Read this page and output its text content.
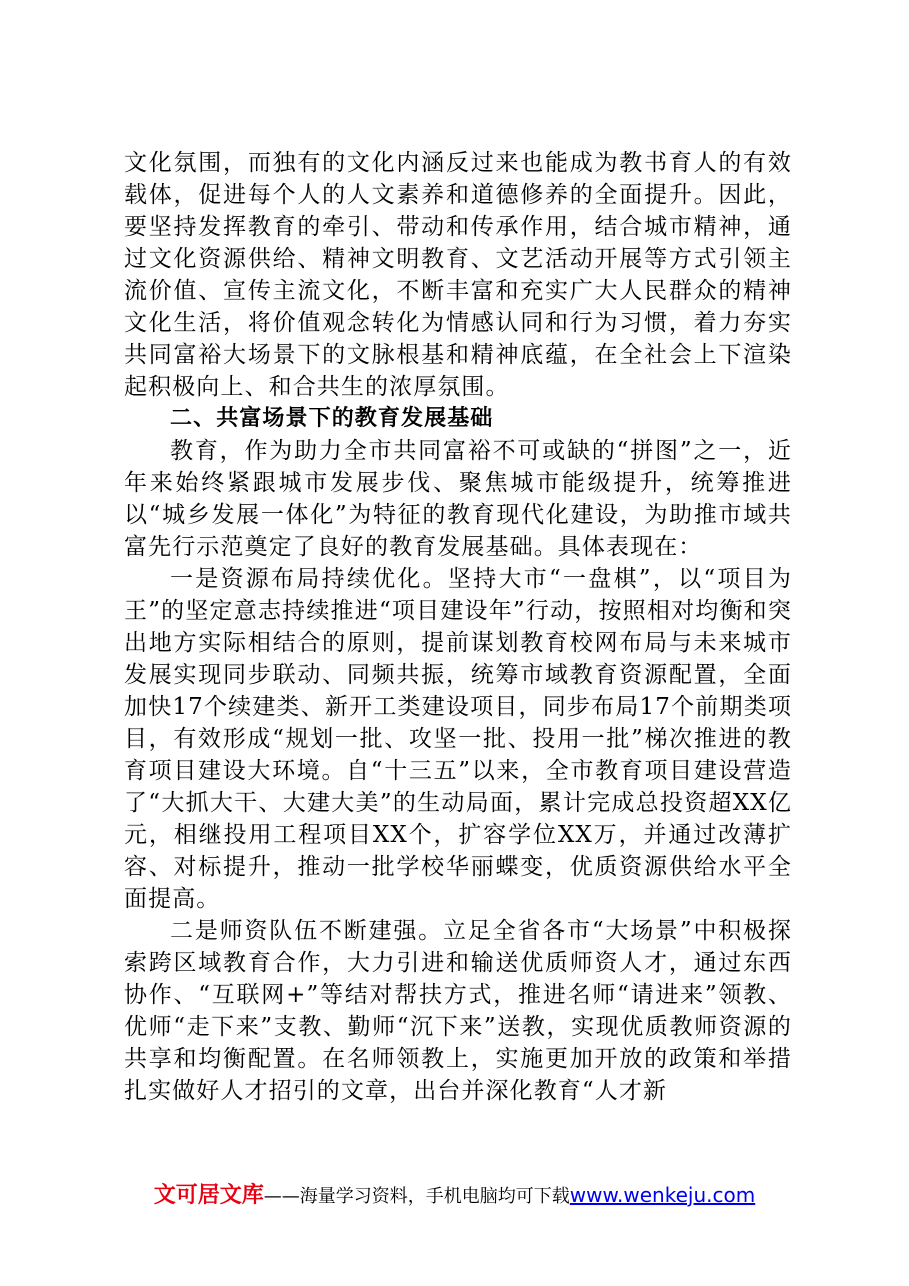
文化氛围，而独有的文化内涵反过来也能成为教书育人的有效载体，促进每个人的人文素养和道德修养的全面提升。因此，要坚持发挥教育的牵引、带动和传承作用，结合城市精神，通过文化资源供给、精神文明教育、文艺活动开展等方式引领主流价值、宣传主流文化，不断丰富和充实广大人民群众的精神文化生活，将价值观念转化为情感认同和行为习惯，着力夯实共同富裕大场景下的文脉根基和精神底蕴，在全社会上下渲染起积极向上、和合共生的浓厚氛围。

二、共富场景下的教育发展基础

教育，作为助力全市共同富裕不可或缺的“拼图”之一，近年来始终紧跟城市发展步伐、聚焦城市能级提升，统筹推进以“城乡发展一体化”为特征的教育现代化建设，为助推市域共富先行示范奠定了良好的教育发展基础。具体表现在：

一是资源布局持续优化。坚持大市“一盘棋”，以“项目为王”的坚定意志持续推进“项目建设年”行动，按照相对均衡和突出地方实际相结合的原则，提前谋划教育校网布局与未来城市发展实现同步联动、同频共振，统筹市域教育资源配置，全面加快17个续建类、新开工类建设项目，同步布局17个前期类项目，有效形成“规划一批、攻坚一批、投用一批”梯次推进的教育项目建设大环境。自“十三五”以来，全市教育项目建设营造了“大抓大干、大建大美”的生动局面，累计完成总投资超XX亿元，相继投用工程项目XX个，扩容学位XX万，并通过改薄扩容、对标提升，推动一批学校华丽蝶变，优质资源供给水平全面提高。

二是师资队伍不断建强。立足全省各市“大场景”中积极探索跨区域教育合作，大力引进和输送优质师资人才，通过东西协作、“互联网+”等结对帮扶方式，推进名师“请进来”领教、优师“走下来”支教、勤师“沉下来”送教，实现优质教师资源的共享和均衡配置。在名师领教上，实施更加开放的政策和举措扎实做好人才招引的文章，出台并深化教育“人才新

文可居文库——海量学习资料，手机电脑均可下载www.wenkeju.com
